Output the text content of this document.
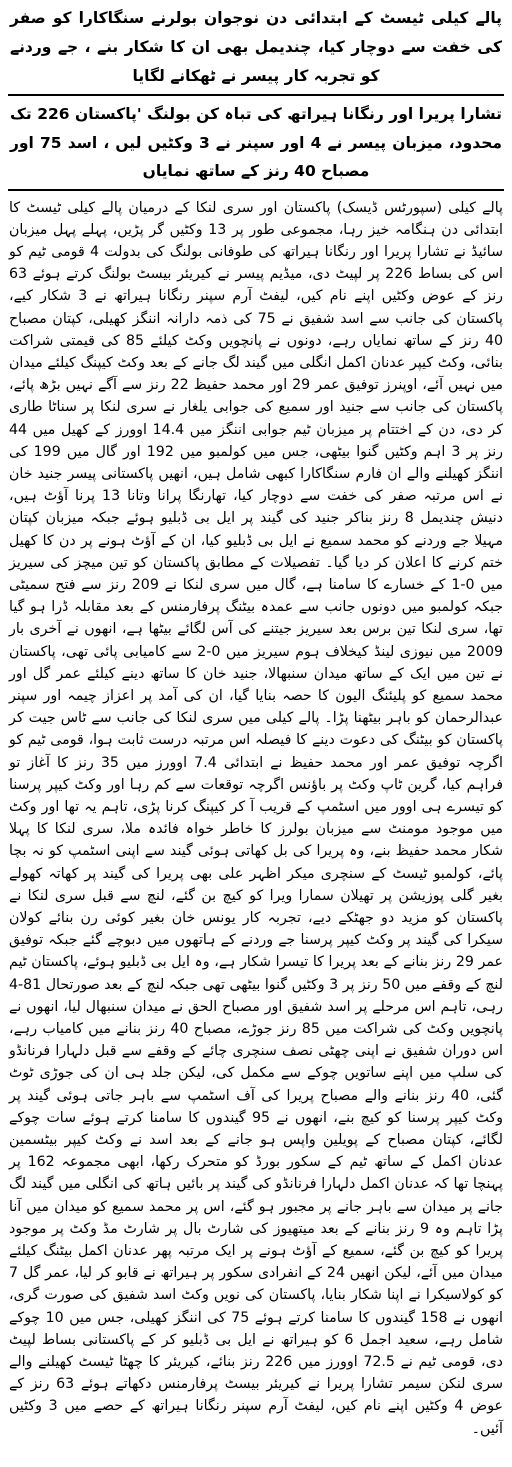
پالے کیلی ٹیسٹ کے ابتدائی دن نوجوان بولرنے سنگاکارا کو صفر کی خفت سے دوچار کیا، چندیمل بھی ان کا شکار بنے ، جے وردنے کو تجربہ کار پیسر نے ٹھکانے لگایا

تشارا پریرا اور رنگانا ہیراتھ کی تباہ کن بولنگ 'پاکستان 226 تک محدود، میزبان پیسر نے 4 اور سپنر نے 3 وکٹیں لیں ، اسد 75 اور مصباح 40 رنز کے ساتھ نمایاں

پالے کیلی (سپورٹس ڈیسک) پاکستان اور سری لنکا کے درمیان پالے کیلی ٹیسٹ کا ابتدائی دن ہنگامہ خیز رہا، مجموعی طور پر 13 وکٹیں گر پڑیں، پہلے پہل میزبان سائیڈ نے تشارا پریرا اور رنگانا ہیراتھ کی طوفانی بولنگ کی بدولت 4 قومی ٹیم کو اس کی بساط 226 پر لپیٹ دی، میڈیم پیسر نے کیریئر بیسٹ بولنگ کرتے ہوئے 63 رنز کے عوض وکٹیں اپنے نام کیں، لیفٹ آرم سپنر رنگانا ہیراتھ نے 3 شکار کیے، پاکستان کی جانب سے اسد شفیق نے 75 کی ذمہ دارانہ اننگز کھیلی، کپتان مصباح 40 رنز کے ساتھ نمایاں رہے، دونوں نے پانچویں وکٹ کیلئے 85 کی قیمتی شراکت بنائی، وکٹ کیپر عدنان اکمل انگلی میں گیند لگ جانے کے بعد وکٹ کیپنگ کیلئے میدان میں نہیں آئے، اوپنرز توفیق عمر 29 اور محمد حفیظ 22 رنز سے آگے نہیں بڑھ پائے، پاکستان کی جانب سے جنید اور سمیع کی جوابی یلغار نے سری لنکا پر سناٹا طاری کر دی، دن کے اختتام پر میزبان ٹیم جوابی اننگز میں 14.4 اوورز کے کھیل میں 44 رنز پر 3 اہم وکٹیں گنوا بیٹھی، جس میں کولمبو میں 192 اور گال میں 199 کی اننگز کھیلنے والے ان فارم سنگاکارا کبھی شامل ہیں، انھیں پاکستانی پیسر جنید خان نے اس مرتبہ صفر کی خفت سے دوچار کیا، تھارنگا پرانا وتانا 13 پرنا آؤٹ ہیں، دنیش چندیمل 8 رنز بناکر جنید کی گیند پر ایل بی ڈبلیو ہوئے جبکہ میزبان کپتان مہیلا جے وردنے کو محمد سمیع نے ایل بی ڈبلیو کیا، ان کے آؤٹ ہونے پر دن کا کھیل ختم کرنے کا اعلان کر دیا گیا۔ تفصیلات کے مطابق پاکستان کو تین میچز کی سیریز میں 0-1 کے خسارے کا سامنا ہے، گال میں سری لنکا نے 209 رنز سے فتح سمیٹی جبکہ کولمبو میں دونوں جانب سے عمدہ بیٹنگ پرفارمنس کے بعد مقابلہ ڈرا ہو گیا تھا، سری لنکا تین برس بعد سیریز جیتنے کی آس لگائے بیٹھا ہے، انھوں نے آخری بار 2009 میں نیوزی لینڈ کیخلاف ہوم سیریز میں 0-2 سے کامیابی پائی تھی، پاکستان نے تین میں ایک کے ساتھ میدان سنبھالا، جنید خان کا ساتھ دینے کیلئے عمر گل اور محمد سمیع کو پلیئنگ الیون کا حصہ بنایا گیا، ان کی آمد پر اعزاز چیمہ اور سپنر عبدالرحمان کو باہر بیٹھنا پڑا۔ پالے کیلی میں سری لنکا کی جانب سے ٹاس جیت کر پاکستان کو بیٹنگ کی دعوت دینے کا فیصلہ اس مرتبہ درست ثابت ہوا، قومی ٹیم کو اگرچہ توفیق عمر اور محمد حفیظ نے ابتدائی 7.4 اوورز میں 35 رنز کا آغاز تو فراہم کیا، گرین ٹاپ وکٹ پر باؤنس اگرچہ توقعات سے کم رہا اور وکٹ کیپر پرسنا کو تیسرے ہی اوور میں اسٹمپ کے قریب آ کر کیپنگ کرنا پڑی، تاہم یہ تھا اور وکٹ میں موجود مومنٹ سے میزبان بولرز کا خاطر خواہ فائدہ ملا، سری لنکا کا پہلا شکار محمد حفیظ بنے، وہ پریرا کی بل کھاتی ہوئی گیند سے اپنی اسٹمپ کو نہ بچا پائے، کولمبو ٹیسٹ کے سنچری میکر اظہر علی بھی پریرا کی گیند پر کھاتہ کھولے بغیر گلی پوزیشن پر تھیلان سمارا ویرا کو کیچ بن گئے، لنچ سے قبل سری لنکا نے پاکستان کو مزید دو جھٹکے دیے، تجربہ کار یونس خان بغیر کوئی رن بنائے کولان سیکرا کی گیند پر وکٹ کیپر پرسنا جے وردنے کے ہاتھوں میں دبوچے گئے جبکہ توفیق عمر 29 رنز بنانے کے بعد پریرا کا تیسرا شکار ہے، وہ ایل بی ڈبلیو ہوئے، پاکستان ٹیم لنچ کے وقفے میں 50 رنز پر 3 وکٹیں گنوا بیٹھی تھی جبکہ لنچ کے بعد صورتحال 81-4 رہی، تاہم اس مرحلے پر اسد شفیق اور مصباح الحق نے میدان سنبھال لیا، انھوں نے پانچویں وکٹ کی شراکت میں 85 رنز جوڑے، مصباح 40 رنز بنانے میں کامیاب رہے، اس دوران شفیق نے اپنی چھٹی نصف سنچری چائے کے وقفے سے قبل دلہارا فرنانڈو کی سلپ میں اپنے ساتویں چوکے سے مکمل کی، لیکن جلد ہی ان کی جوڑی ٹوٹ گئی، 40 رنز بنانے والے مصباح پریرا کی آف اسٹمپ سے باہر جاتی ہوئی گیند پر وکٹ کیپر پرسنا کو کیچ بنے، انھوں نے 95 گیندوں کا سامنا کرتے ہوئے سات چوکے لگائے، کپتان مصباح کے پویلین واپس ہو جانے کے بعد اسد نے وکٹ کیپر بیٹسمین عدنان اکمل کے ساتھ ٹیم کے سکور بورڈ کو متحرک رکھا، ابھی مجموعہ 162 پر پہنچا تھا کہ عدنان اکمل دلہارا فرنانڈو کی گیند پر بائیں ہاتھ کی انگلی میں گیند لگ جانے پر میدان سے باہر جانے پر مجبور ہو گئے، اس پر محمد سمیع کو میدان میں آنا پڑا تاہم وہ 9 رنز بنانے کے بعد میتھیوز کی شارٹ بال پر شارٹ مڈ وکٹ پر موجود پریرا کو کیچ بن گئے، سمیع کے آؤٹ ہونے پر ایک مرتبہ پھر عدنان اکمل بیٹنگ کیلئے میدان میں آئے، لیکن انھیں 24 کے انفرادی سکور پر ہیراتھ نے قابو کر لیا، عمر گل 7 کو کولاسیکرا نے اپنا شکار بنایا، پاکستان کی نویں وکٹ اسد شفیق کی صورت گری، انھوں نے 158 گیندوں کا سامنا کرتے ہوئے 75 کی اننگز کھیلی، جس میں 10 چوکے شامل رہے، سعید اجمل 6 کو ہیراتھ نے ایل بی ڈبلیو کر کے پاکستانی بساط لپیٹ دی، قومی ٹیم نے 72.5 اوورز میں 226 رنز بنائے، کیریئر کا چھٹا ٹیسٹ کھیلنے والے سری لنکن سیمر تشارا پریرا نے کیریئر بیسٹ پرفارمنس دکھاتے ہوئے 63 رنز کے عوض 4 وکٹیں اپنے نام کیں، لیفٹ آرم سپنر رنگانا ہیراتھ کے حصے میں 3 وکٹیں آئیں۔
